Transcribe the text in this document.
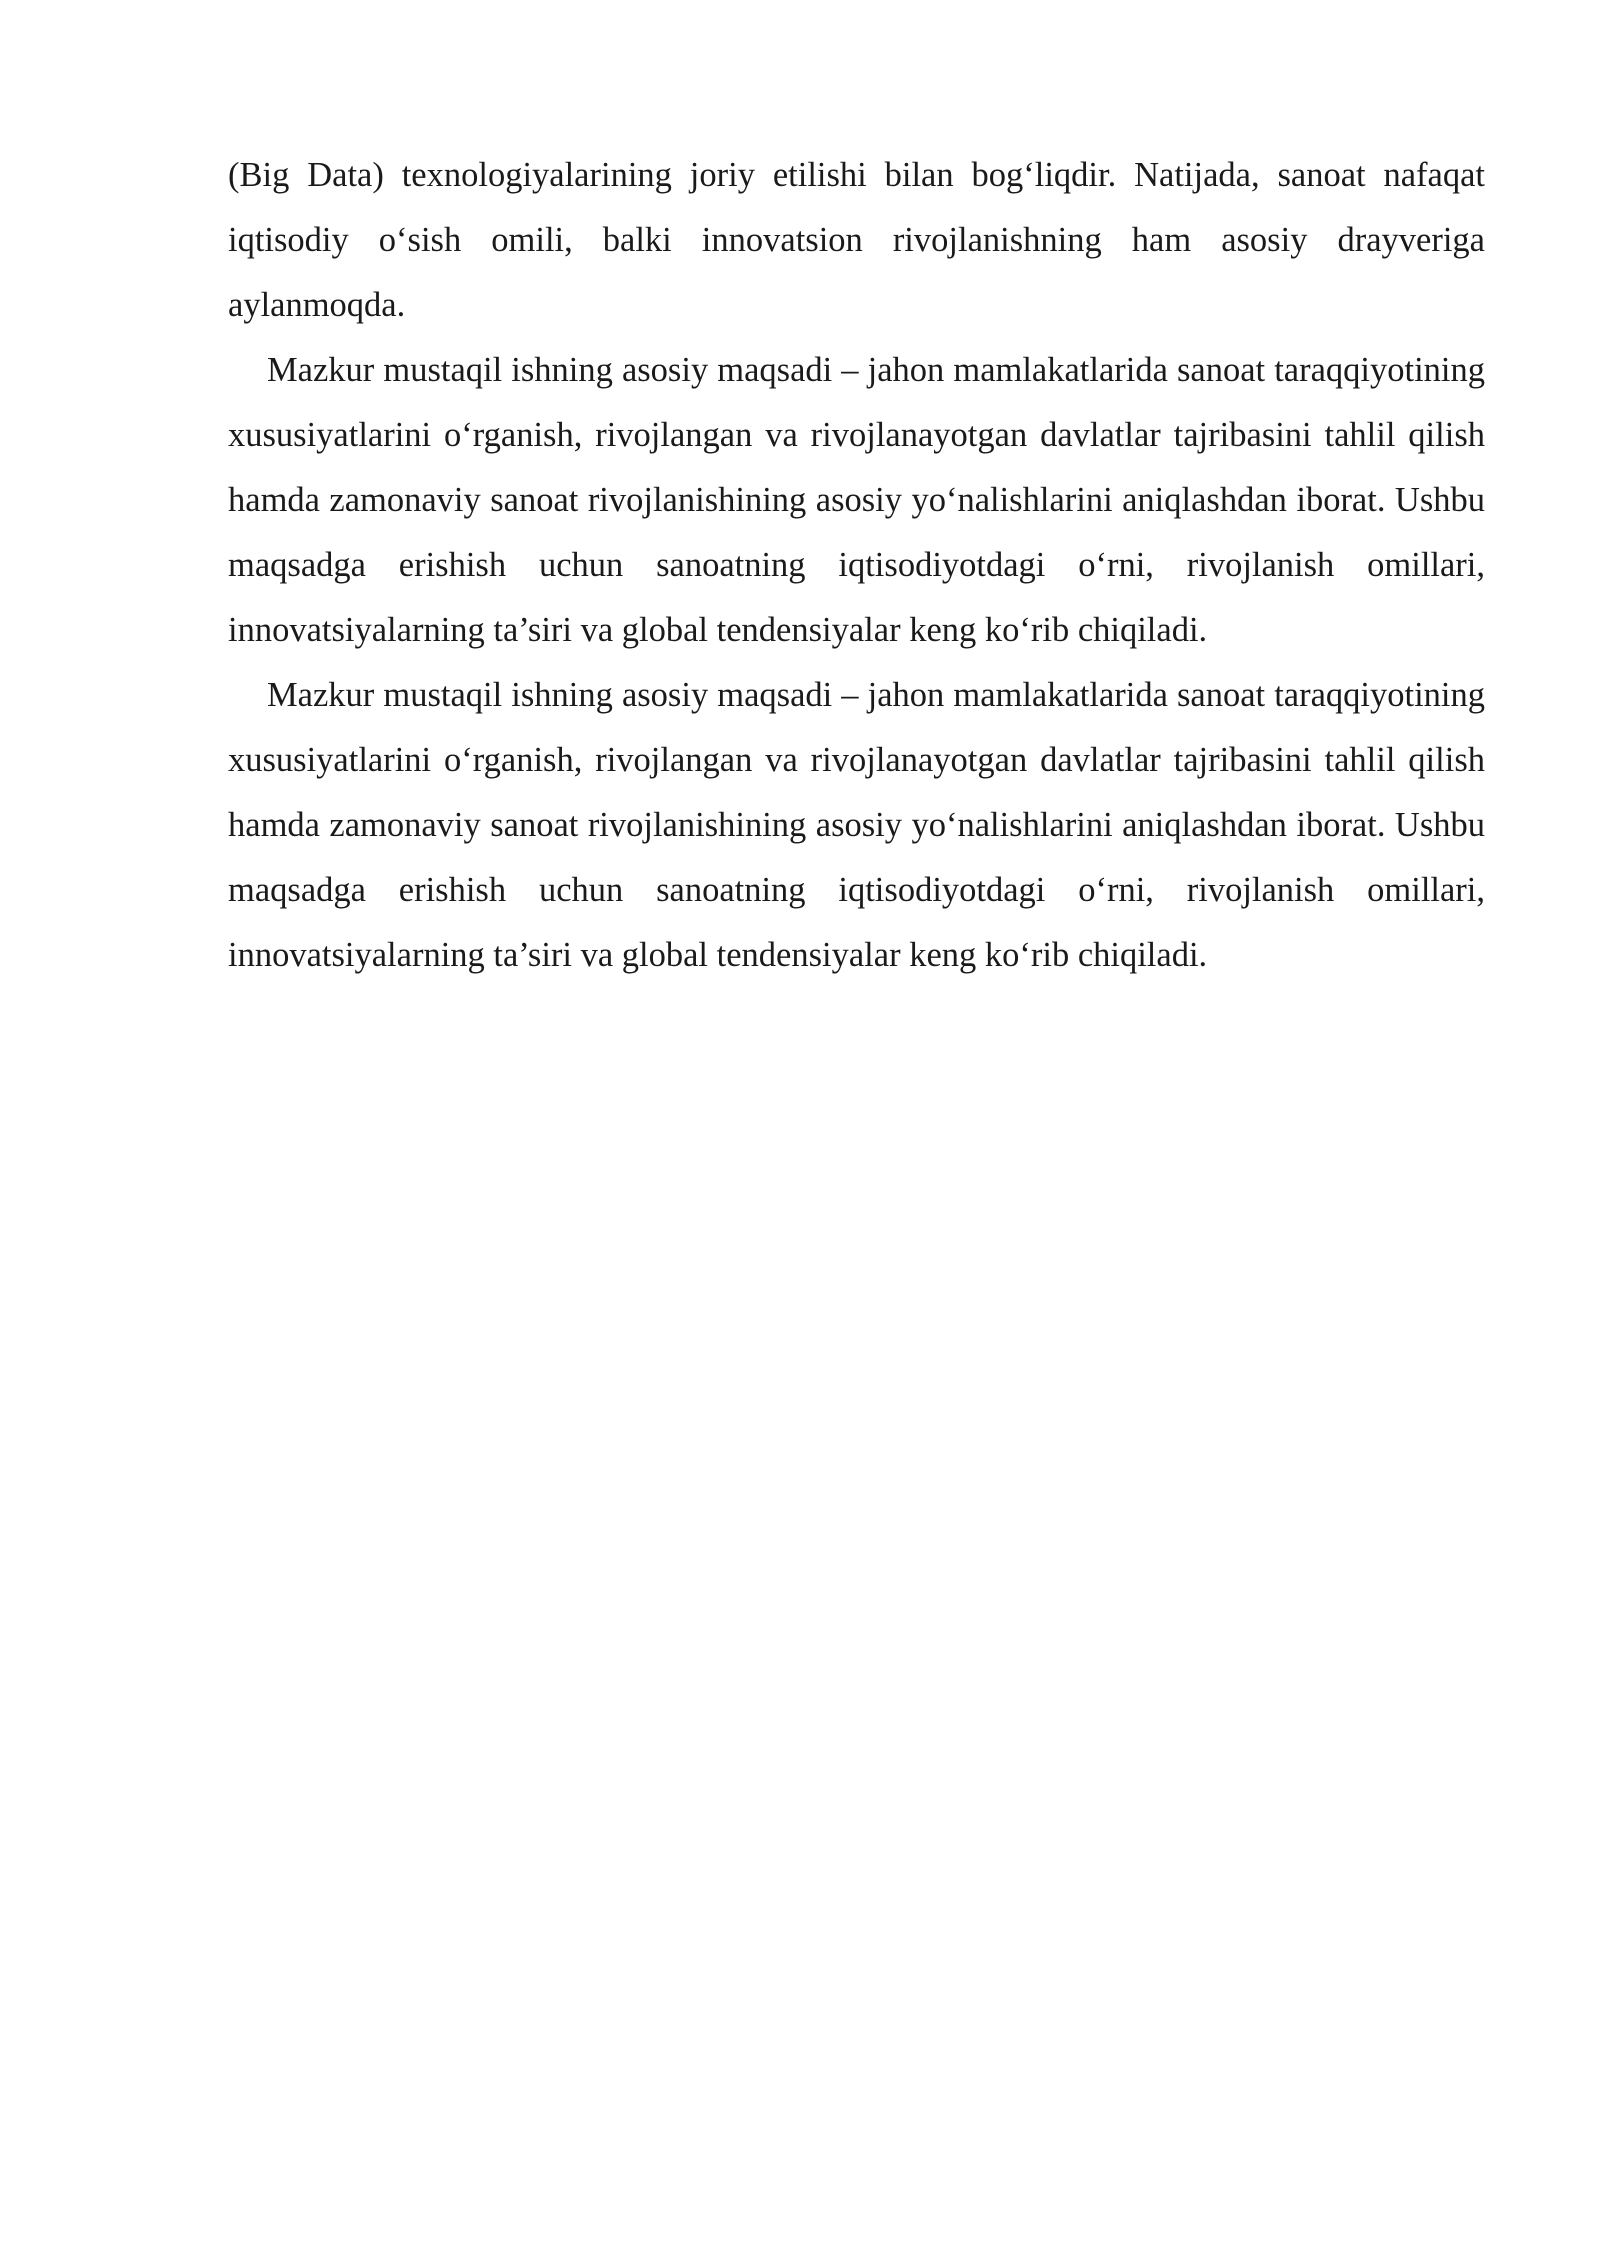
(Big Data) texnologiyalarining joriy etilishi bilan bog‘liqdir. Natijada, sanoat nafaqat iqtisodiy o‘sish omili, balki innovatsion rivojlanishning ham asosiy drayveriga aylanmoqda.

Mazkur mustaqil ishning asosiy maqsadi – jahon mamlakatlarida sanoat taraqqiyotining xususiyatlarini o‘rganish, rivojlangan va rivojlanayotgan davlatlar tajribasini tahlil qilish hamda zamonaviy sanoat rivojlanishining asosiy yo‘nalishlarini aniqlashdan iborat. Ushbu maqsadga erishish uchun sanoatning iqtisodiyotdagi o‘rni, rivojlanish omillari, innovatsiyalarning ta’siri va global tendensiyalar keng ko‘rib chiqiladi.

Mazkur mustaqil ishning asosiy maqsadi – jahon mamlakatlarida sanoat taraqqiyotining xususiyatlarini o‘rganish, rivojlangan va rivojlanayotgan davlatlar tajribasini tahlil qilish hamda zamonaviy sanoat rivojlanishining asosiy yo‘nalishlarini aniqlashdan iborat. Ushbu maqsadga erishish uchun sanoatning iqtisodiyotdagi o‘rni, rivojlanish omillari, innovatsiyalarning ta’siri va global tendensiyalar keng ko‘rib chiqiladi.
